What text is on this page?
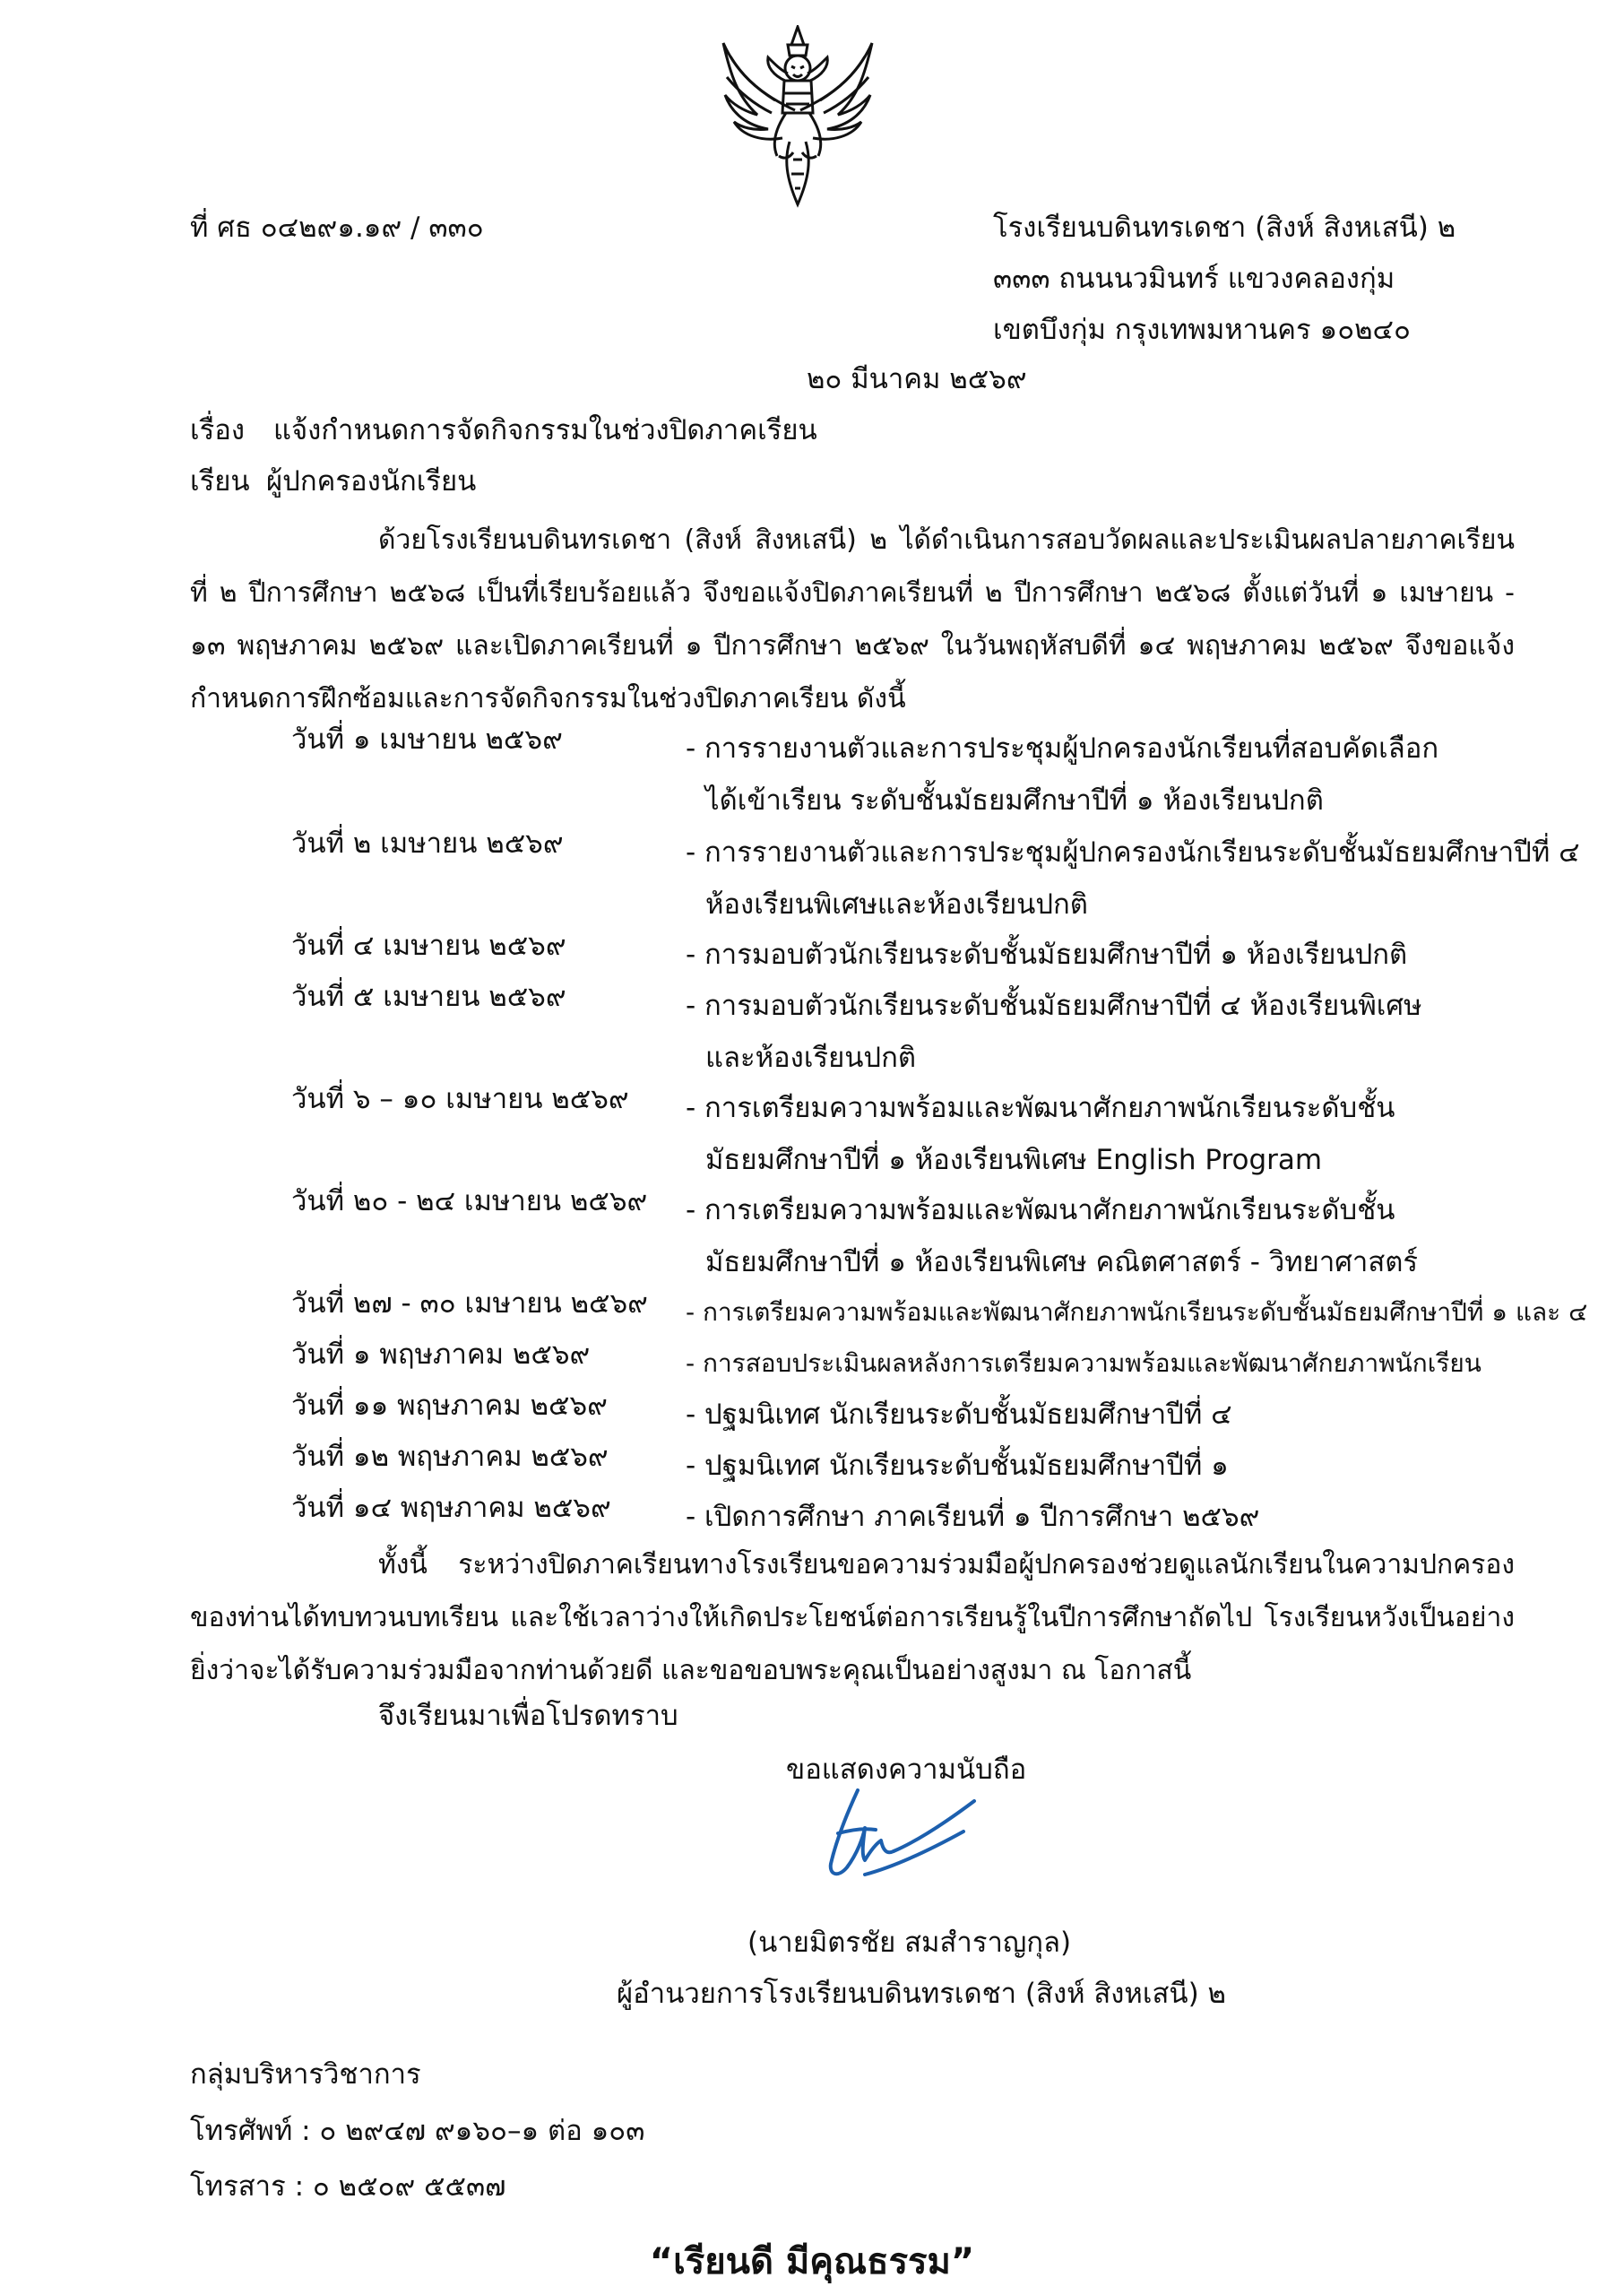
ที่ ศธ ๐๔๒๙๑.๑๙ / ๓๓๐	โรงเรียนบดินทรเดชา (สิงห์ สิงหเสนี) ๒
๓๓๓ ถนนนวมินทร์ แขวงคลองกุ่ม
เขตบึงกุ่ม กรุงเทพมหานคร ๑๐๒๔๐
๒๐ มีนาคม ๒๕๖๙
เรื่อง แจ้งกำหนดการจัดกิจกรรมในช่วงปิดภาคเรียน
เรียน ผู้ปกครองนักเรียน
ด้วยโรงเรียนบดินทรเดชา (สิงห์ สิงหเสนี) ๒ ได้ดำเนินการสอบวัดผลและประเมินผลปลายภาคเรียนที่ ๒ ปีการศึกษา ๒๕๖๘ เป็นที่เรียบร้อยแล้ว จึงขอแจ้งปิดภาคเรียนที่ ๒ ปีการศึกษา ๒๕๖๘ ตั้งแต่วันที่ ๑ เมษายน - ๑๓ พฤษภาคม ๒๕๖๙ และเปิดภาคเรียนที่ ๑ ปีการศึกษา ๒๕๖๙ ในวันพฤหัสบดีที่ ๑๔ พฤษภาคม ๒๕๖๙ จึงขอแจ้งกำหนดการฝึกซ้อมและการจัดกิจกรรมในช่วงปิดภาคเรียน ดังนี้
วันที่ ๑ เมษายน ๒๕๖๙	- การรายงานตัวและการประชุมผู้ปกครองนักเรียนที่สอบคัดเลือก
ได้เข้าเรียน ระดับชั้นมัธยมศึกษาปีที่ ๑ ห้องเรียนปกติ
วันที่ ๒ เมษายน ๒๕๖๙	- การรายงานตัวและการประชุมผู้ปกครองนักเรียนระดับชั้นมัธยมศึกษาปีที่ ๔
ห้องเรียนพิเศษและห้องเรียนปกติ
วันที่ ๔ เมษายน ๒๕๖๙	- การมอบตัวนักเรียนระดับชั้นมัธยมศึกษาปีที่ ๑ ห้องเรียนปกติ
วันที่ ๕ เมษายน ๒๕๖๙	- การมอบตัวนักเรียนระดับชั้นมัธยมศึกษาปีที่ ๔ ห้องเรียนพิเศษ
และห้องเรียนปกติ
วันที่ ๖ – ๑๐ เมษายน ๒๕๖๙ - การเตรียมความพร้อมและพัฒนาศักยภาพนักเรียนระดับชั้น
มัธยมศึกษาปีที่ ๑ ห้องเรียนพิเศษ English Program
วันที่ ๒๐ - ๒๔ เมษายน ๒๕๖๙ - การเตรียมความพร้อมและพัฒนาศักยภาพนักเรียนระดับชั้น
มัธยมศึกษาปีที่ ๑ ห้องเรียนพิเศษ คณิตศาสตร์ - วิทยาศาสตร์
วันที่ ๒๗ - ๓๐ เมษายน ๒๕๖๙ - การเตรียมความพร้อมและพัฒนาศักยภาพนักเรียนระดับชั้นมัธยมศึกษาปีที่ ๑ และ ๔
วันที่ ๑ พฤษภาคม ๒๕๖๙	- การสอบประเมินผลหลังการเตรียมความพร้อมและพัฒนาศักยภาพนักเรียน
วันที่ ๑๑ พฤษภาคม ๒๕๖๙	- ปฐมนิเทศ นักเรียนระดับชั้นมัธยมศึกษาปีที่ ๔
วันที่ ๑๒ พฤษภาคม ๒๕๖๙	- ปฐมนิเทศ นักเรียนระดับชั้นมัธยมศึกษาปีที่ ๑
วันที่ ๑๔ พฤษภาคม ๒๕๖๙	- เปิดการศึกษา ภาคเรียนที่ ๑ ปีการศึกษา ๒๕๖๙
ทั้งนี้ ระหว่างปิดภาคเรียนทางโรงเรียนขอความร่วมมือผู้ปกครองช่วยดูแลนักเรียนในความปกครองของท่านได้ทบทวนบทเรียน และใช้เวลาว่างให้เกิดประโยชน์ต่อการเรียนรู้ในปีการศึกษาถัดไป โรงเรียนหวังเป็นอย่างยิ่งว่าจะได้รับความร่วมมือจากท่านด้วยดี และขอขอบพระคุณเป็นอย่างสูงมา ณ โอกาสนี้
จึงเรียนมาเพื่อโปรดทราบ
ขอแสดงความนับถือ
(นายมิตรชัย สมสำราญกุล)
ผู้อำนวยการโรงเรียนบดินทรเดชา (สิงห์ สิงหเสนี) ๒
กลุ่มบริหารวิชาการ
โทรศัพท์ : ๐ ๒๙๔๗ ๙๑๖๐–๑ ต่อ ๑๐๓
โทรสาร : ๐ ๒๕๐๙ ๕๕๓๗
“เรียนดี มีคุณธรรม”
